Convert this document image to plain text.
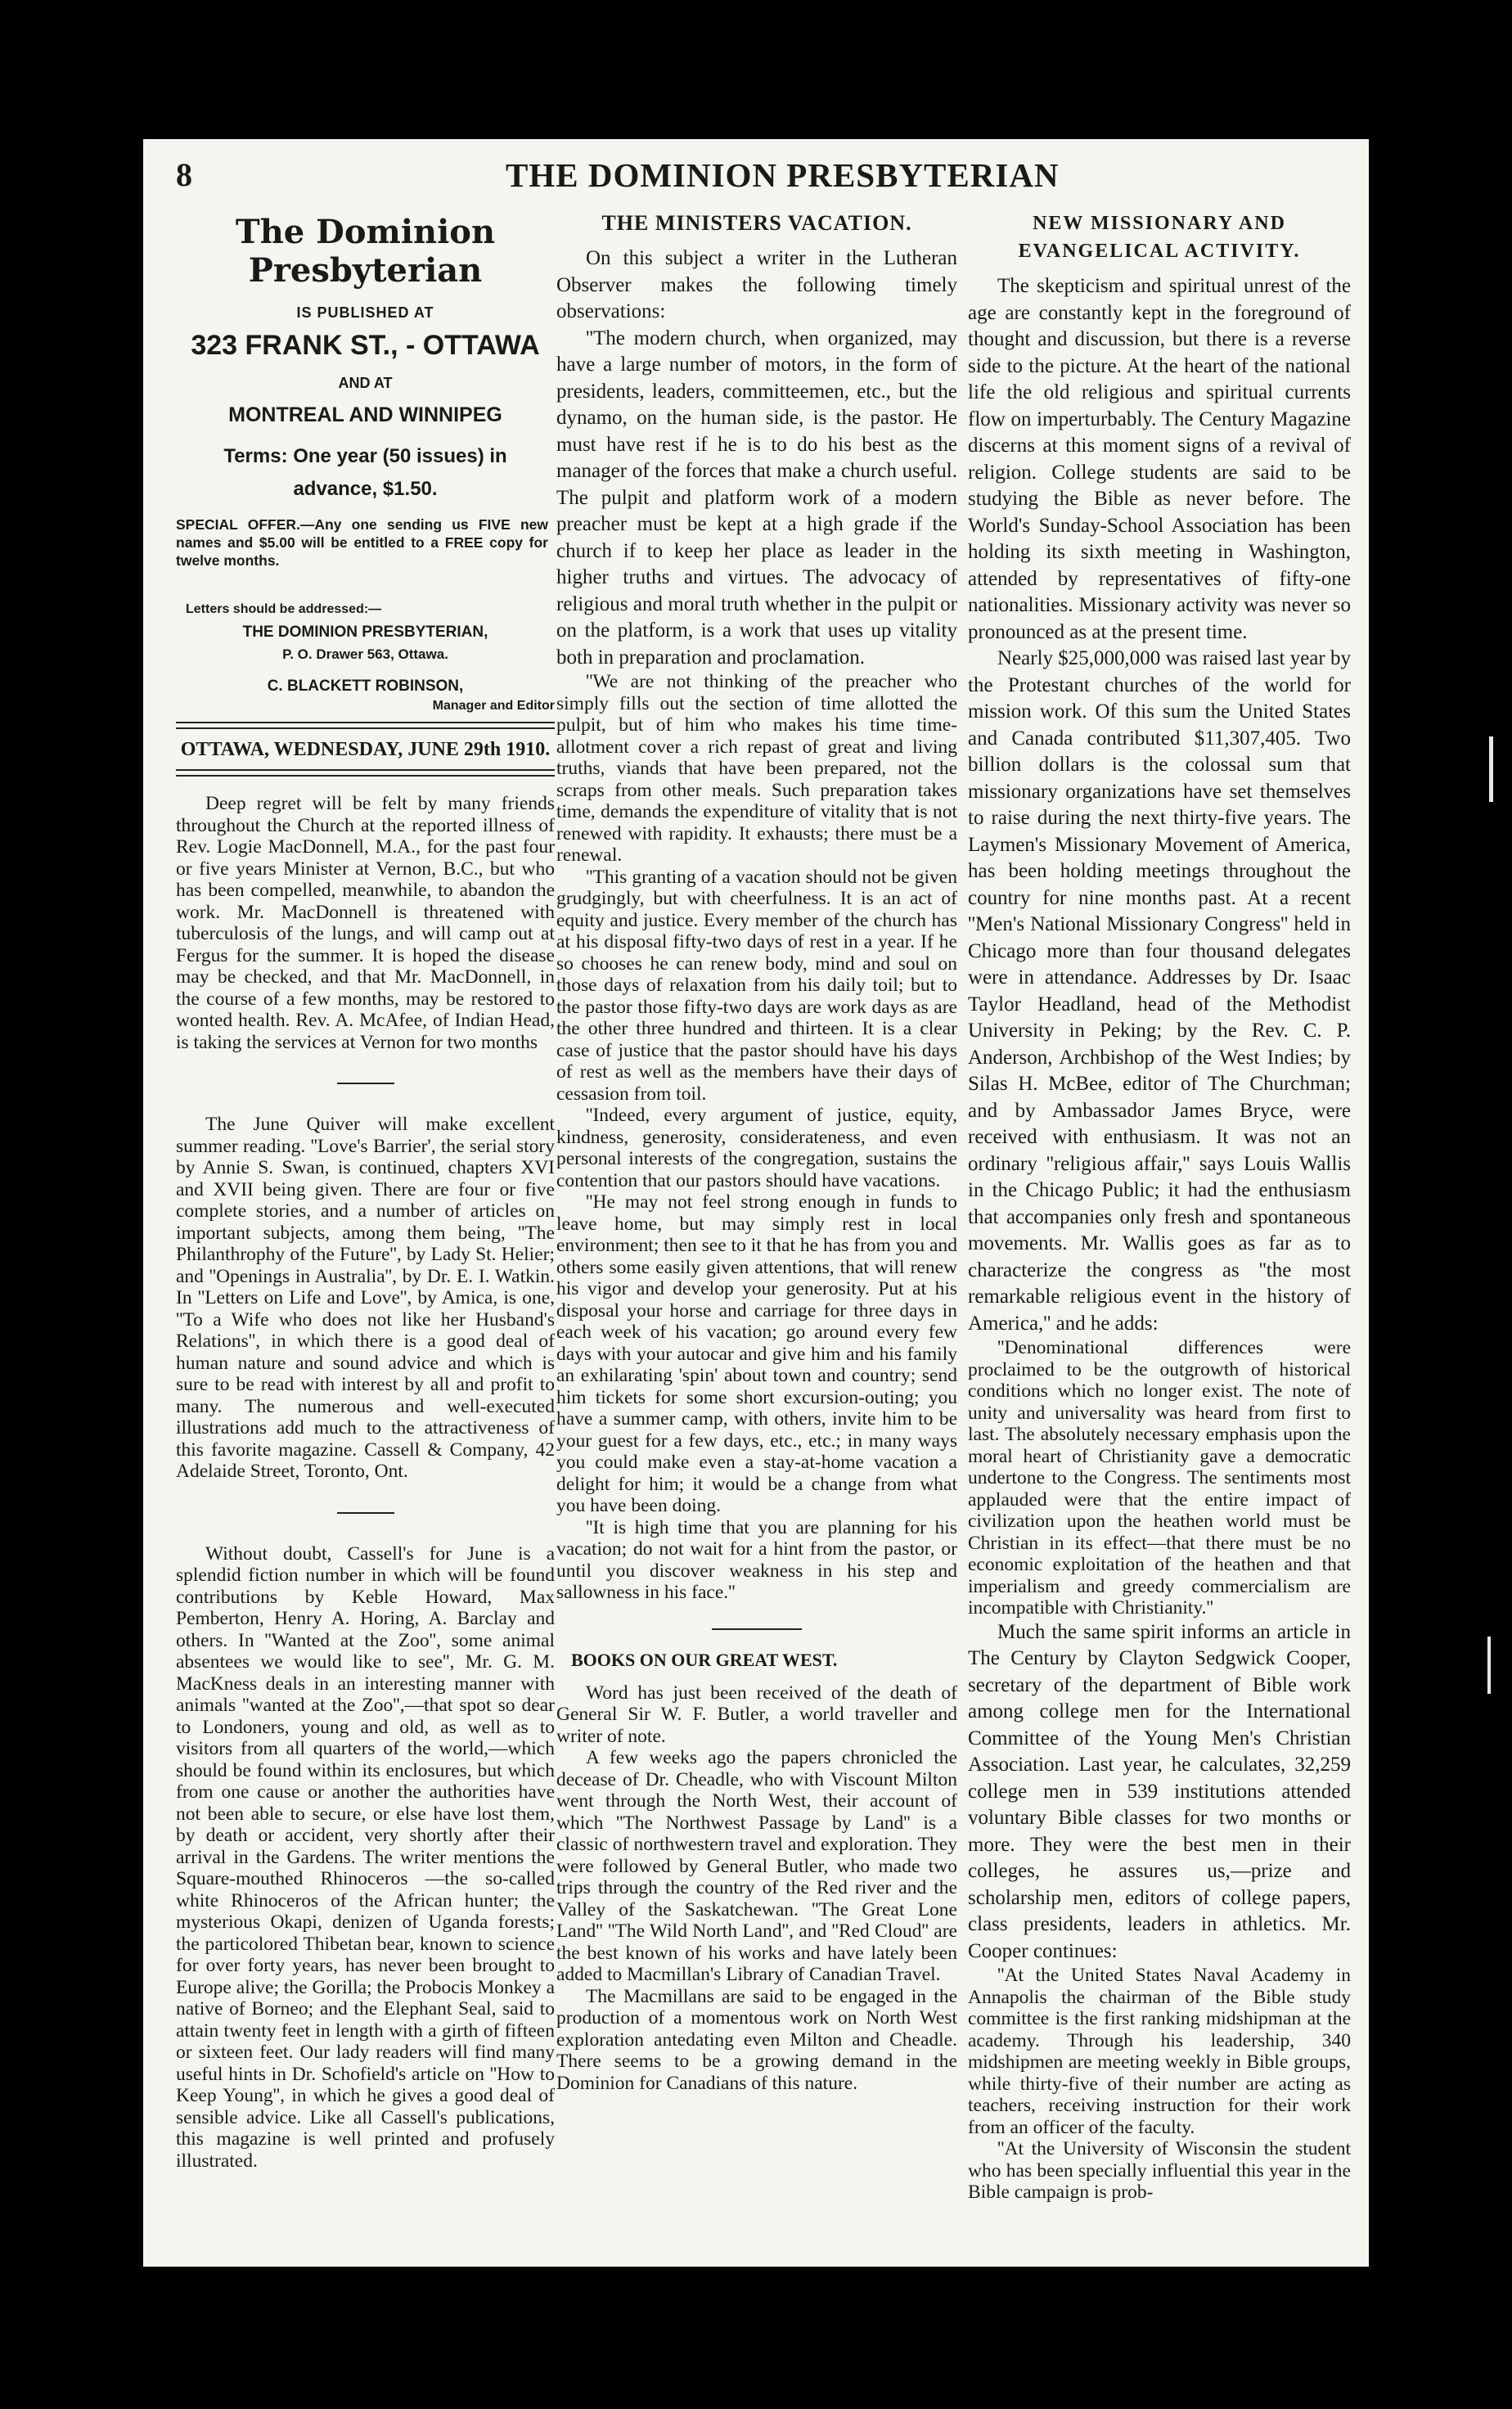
8	THE DOMINION PRESBYTERIAN
The Dominion Presbyterian
IS PUBLISHED AT
323 FRANK ST., - OTTAWA
AND AT
MONTREAL AND WINNIPEG
Terms: One year (50 issues) in
advance, $1.50.

SPECIAL OFFER.—Any one sending us FIVE new names and $5.00 will be entitled to a FREE copy for twelve months.

Letters should be addressed:—
THE DOMINION PRESBYTERIAN,
P. O. Drawer 563, Ottawa.
C. BLACKETT ROBINSON,
Manager and Editor
OTTAWA, WEDNESDAY, JUNE 29th 1910.

Deep regret will be felt by many friends throughout the Church at the reported illness of Rev. Logie MacDonnell, M.A., for the past four or five years Minister at Vernon, B.C., but who has been compelled, meanwhile, to abandon the work. Mr. MacDonnell is threatened with tuberculosis of the lungs, and will camp out at Fergus for the summer. It is hoped the disease may be checked, and that Mr. MacDonnell, in the course of a few months, may be restored to wonted health. Rev. A. McAfee, of Indian Head, is taking the services at Vernon for two months

The June Quiver will make excellent summer reading. ''Love's Barrier', the serial story by Annie S. Swan, is continued, chapters XVI and XVII being given. There are four or five complete stories, and a number of articles on important subjects, among them being, ''The Philanthrophy of the Future'', by Lady St. Helier; and ''Openings in Australia'', by Dr. E. I. Watkin. In ''Letters on Life and Love'', by Amica, is one, ''To a Wife who does not like her Husband's Relations'', in which there is a good deal of human nature and sound advice and which is sure to be read with interest by all and profit to many. The numerous and well-executed illustrations add much to the attractiveness of this favorite magazine. Cassell & Company, 42 Adelaide Street, Toronto, Ont.

Without doubt, Cassell's for June is a splendid fiction number in which will be found contributions by Keble Howard, Max Pemberton, Henry A. Horing, A. Barclay and others. In ''Wanted at the Zoo'', some animal absentees we would like to see'', Mr. G. M. MacKness deals in an interesting manner with animals ''wanted at the Zoo'',—that spot so dear to Londoners, young and old, as well as to visitors from all quarters of the world,—which should be found within its enclosures, but which from one cause or another the authorities have not been able to secure, or else have lost them, by death or accident, very shortly after their arrival in the Gardens. The writer mentions the Square-mouthed Rhinoceros —the so-called white Rhinoceros of the African hunter; the mysterious Okapi, denizen of Uganda forests; the particolored Thibetan bear, known to science for over forty years, has never been brought to Europe alive; the Gorilla; the Probocis Monkey a native of Borneo; and the Elephant Seal, said to attain twenty feet in length with a girth of fifteen or sixteen feet. Our lady readers will find many useful hints in Dr. Schofield's article on ''How to Keep Young'', in which he gives a good deal of sensible advice. Like all Cassell's publications, this magazine is well printed and profusely illustrated.

THE MINISTERS VACATION.

On this subject a writer in the Lutheran Observer makes the following timely observations:

''The modern church, when organized, may have a large number of motors, in the form of presidents, leaders, committeemen, etc., but the dynamo, on the human side, is the pastor. He must have rest if he is to do his best as the manager of the forces that make a church useful. The pulpit and platform work of a modern preacher must be kept at a high grade if the church if to keep her place as leader in the higher truths and virtues. The advocacy of religious and moral truth whether in the pulpit or on the platform, is a work that uses up vitality both in preparation and proclamation.

''We are not thinking of the preacher who simply fills out the section of time allotted the pulpit, but of him who makes his time time-allotment cover a rich repast of great and living truths, viands that have been prepared, not the scraps from other meals. Such preparation takes time, demands the expenditure of vitality that is not renewed with rapidity. It exhausts; there must be a renewal.

''This granting of a vacation should not be given grudgingly, but with cheerfulness. It is an act of equity and justice. Every member of the church has at his disposal fifty-two days of rest in a year. If he so chooses he can renew body, mind and soul on those days of relaxation from his daily toil; but to the pastor those fifty-two days are work days as are the other three hundred and thirteen. It is a clear case of justice that the pastor should have his days of rest as well as the members have their days of cessasion from toil.

''Indeed, every argument of justice, equity, kindness, generosity, considerateness, and even personal interests of the congregation, sustains the contention that our pastors should have vacations.

''He may not feel strong enough in funds to leave home, but may simply rest in local environment; then see to it that he has from you and others some easily given attentions, that will renew his vigor and develop your generosity. Put at his disposal your horse and carriage for three days in each week of his vacation; go around every few days with your autocar and give him and his family an exhilarating 'spin' about town and country; send him tickets for some short excursion-outing; you have a summer camp, with others, invite him to be your guest for a few days, etc., etc.; in many ways you could make even a stay-at-home vacation a delight for him; it would be a change from what you have been doing.

''It is high time that you are planning for his vacation; do not wait for a hint from the pastor, or until you discover weakness in his step and sallowness in his face.''

BOOKS ON OUR GREAT WEST.

Word has just been received of the death of General Sir W. F. Butler, a world traveller and writer of note.

A few weeks ago the papers chronicled the decease of Dr. Cheadle, who with Viscount Milton went through the North West, their account of which ''The Northwest Passage by Land'' is a classic of northwestern travel and exploration. They were followed by General Butler, who made two trips through the country of the Red river and the Valley of the Saskatchewan. ''The Great Lone Land'' ''The Wild North Land'', and ''Red Cloud'' are the best known of his works and have lately been added to Macmillan's Library of Canadian Travel.

The Macmillans are said to be engaged in the production of a momentous work on North West exploration antedating even Milton and Cheadle. There seems to be a growing demand in the Dominion for Canadians of this nature.

NEW MISSIONARY AND EVANGELICAL ACTIVITY.

The skepticism and spiritual unrest of the age are constantly kept in the foreground of thought and discussion, but there is a reverse side to the picture. At the heart of the national life the old religious and spiritual currents flow on imperturbably. The Century Magazine discerns at this moment signs of a revival of religion. College students are said to be studying the Bible as never before. The World's Sunday-School Association has been holding its sixth meeting in Washington, attended by representatives of fifty-one nationalities. Missionary activity was never so pronounced as at the present time.

Nearly $25,000,000 was raised last year by the Protestant churches of the world for mission work. Of this sum the United States and Canada contributed $11,307,405. Two billion dollars is the colossal sum that missionary organizations have set themselves to raise during the next thirty-five years. The Laymen's Missionary Movement of America, has been holding meetings throughout the country for nine months past. At a recent ''Men's National Missionary Congress'' held in Chicago more than four thousand delegates were in attendance. Addresses by Dr. Isaac Taylor Headland, head of the Methodist University in Peking; by the Rev. C. P. Anderson, Archbishop of the West Indies; by Silas H. McBee, editor of The Churchman; and by Ambassador James Bryce, were received with enthusiasm. It was not an ordinary ''religious affair,'' says Louis Wallis in the Chicago Public; it had the enthusiasm that accompanies only fresh and spontaneous movements. Mr. Wallis goes as far as to characterize the congress as ''the most remarkable religious event in the history of America,'' and he adds:

''Denominational differences were proclaimed to be the outgrowth of historical conditions which no longer exist. The note of unity and universality was heard from first to last. The absolutely necessary emphasis upon the moral heart of Christianity gave a democratic undertone to the Congress. The sentiments most applauded were that the entire impact of civilization upon the heathen world must be Christian in its effect—that there must be no economic exploitation of the heathen and that imperialism and greedy commercialism are incompatible with Christianity.''

Much the same spirit informs an article in The Century by Clayton Sedgwick Cooper, secretary of the department of Bible work among college men for the International Committee of the Young Men's Christian Association. Last year, he calculates, 32,259 college men in 539 institutions attended voluntary Bible classes for two months or more. They were the best men in their colleges, he assures us,—prize and scholarship men, editors of college papers, class presidents, leaders in athletics. Mr. Cooper continues:

''At the United States Naval Academy in Annapolis the chairman of the Bible study committee is the first ranking midshipman at the academy. Through his leadership, 340 midshipmen are meeting weekly in Bible groups, while thirty-five of their number are acting as teachers, receiving instruction for their work from an officer of the faculty.

''At the University of Wisconsin the student who has been specially influential this year in the Bible campaign is prob-
